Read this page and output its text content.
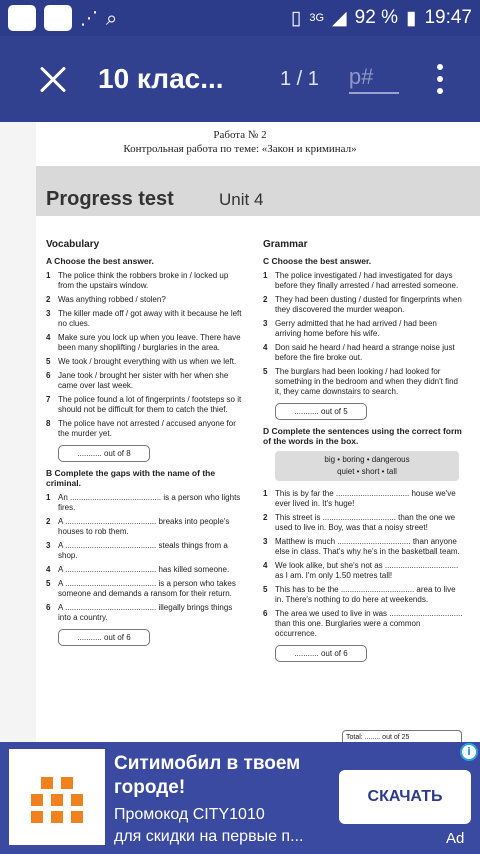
⋰ ⌕	▯ 3G ◢ 92 % ▮ 19:47
10 клас...	1 / 1 p#
Работа № 2
Контрольная работа по теме: «Закон и криминал»
Progress test	Unit 4
Vocabulary
A Choose the best answer.
1 The police think the robbers broke in / locked up from the upstairs window.
2 Was anything robbed / stolen?
3 The killer made off / got away with it because he left no clues.
4 Make sure you lock up when you leave. There have been many shoplifting / burglaries in the area.
5 We took / brought everything with us when we left.
6 Jane took / brought her sister with her when she came over last week.
7 The police found a lot of fingerprints / footsteps so it should not be difficult for them to catch the thief.
8 The police have not arrested / accused anyone for the murder yet.
........... out of 8
B Complete the gaps with the name of the criminal.
1 An ......................................... is a person who lights fires.
2 A ......................................... breaks into people's houses to rob them.
3 A ......................................... steals things from a shop.
4 A ......................................... has killed someone.
5 A ......................................... is a person who takes someone and demands a ransom for their return.
6 A ......................................... illegally brings things into a country.
........... out of 6
Grammar
C Choose the best answer.
1 The police investigated / had investigated for days before they finally arrested / had arrested someone.
2 They had been dusting / dusted for fingerprints when they discovered the murder weapon.
3 Gerry admitted that he had arrived / had been arriving home before his wife.
4 Don said he heard / had heard a strange noise just before the fire broke out.
5 The burglars had been looking / had looked for something in the bedroom and when they didn't find it, they came downstairs to search.
........... out of 5
D Complete the sentences using the correct form of the words in the box.
big • boring • dangerous
quiet • short • tall
1 This is by far the ................................. house we've ever lived in. It's huge!
2 This street is ................................. than the one we used to live in. Boy, was that a noisy street!
3 Matthew is much ................................. than anyone else in class. That's why he's in the basketball team.
4 We look alike, but she's not as ................................. as I am. I'm only 1.50 metres tall!
5 This has to be the ................................. area to live in. There's nothing to do here at weekends.
6 The area we used to live in was ................................. than this one. Burglaries were a common occurrence.
........... out of 6
Total: ........ out of 25
Ситимобил в твоем городе!
Промокод CITY1010
для скидки на первые п...
СКАЧАТЬ
i
Ad
